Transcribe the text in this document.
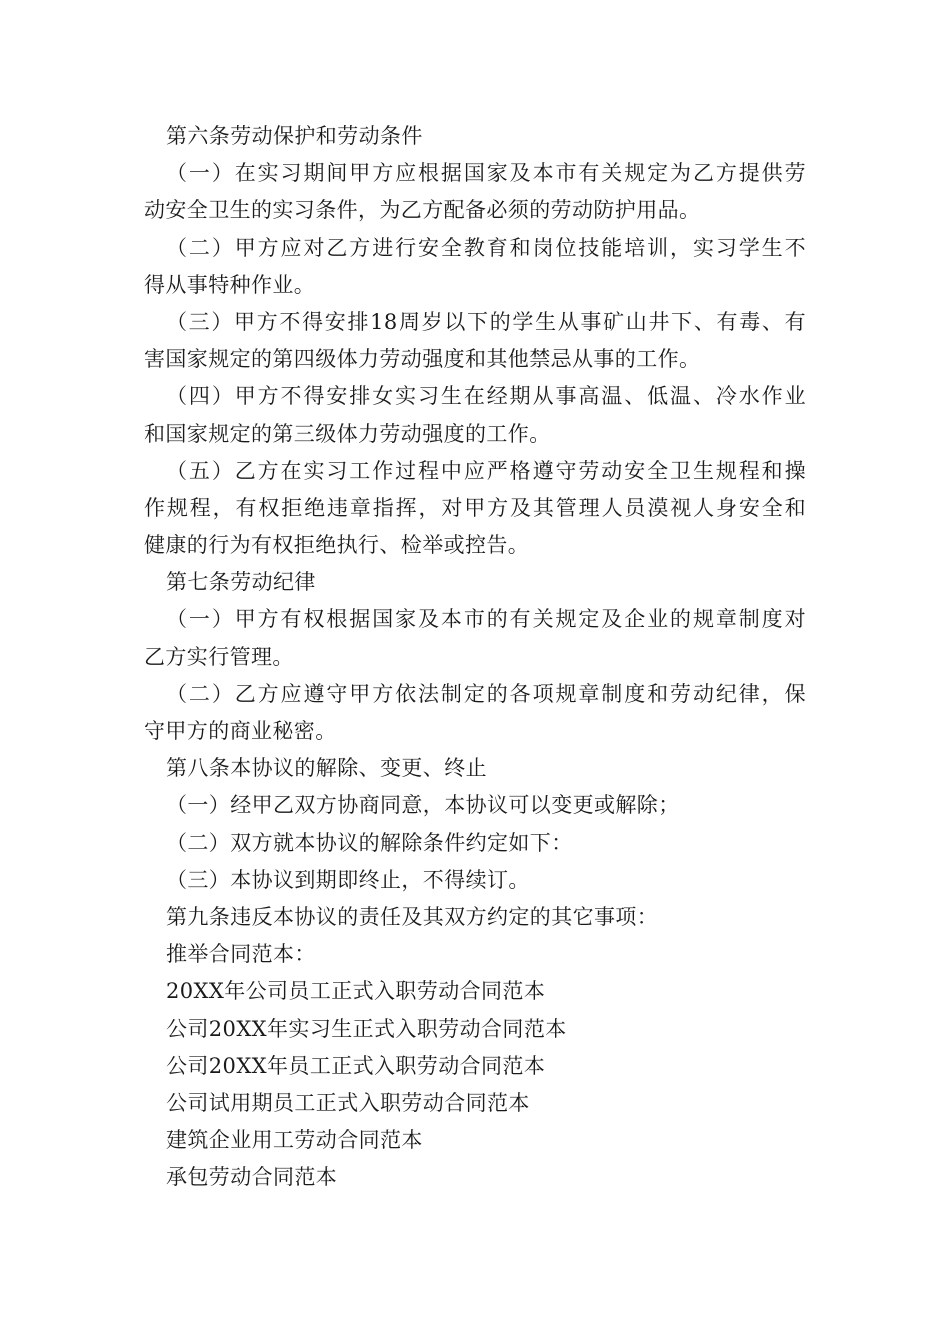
第六条劳动保护和劳动条件
（一）在实习期间甲方应根据国家及本市有关规定为乙方提供劳
动安全卫生的实习条件，为乙方配备必须的劳动防护用品。
（二）甲方应对乙方进行安全教育和岗位技能培训，实习学生不
得从事特种作业。
（三）甲方不得安排18周岁以下的学生从事矿山井下、有毒、有
害国家规定的第四级体力劳动强度和其他禁忌从事的工作。
（四）甲方不得安排女实习生在经期从事高温、低温、冷水作业
和国家规定的第三级体力劳动强度的工作。
（五）乙方在实习工作过程中应严格遵守劳动安全卫生规程和操
作规程，有权拒绝违章指挥，对甲方及其管理人员漠视人身安全和
健康的行为有权拒绝执行、检举或控告。
第七条劳动纪律
（一）甲方有权根据国家及本市的有关规定及企业的规章制度对
乙方实行管理。
（二）乙方应遵守甲方依法制定的各项规章制度和劳动纪律，保
守甲方的商业秘密。
第八条本协议的解除、变更、终止
（一）经甲乙双方协商同意，本协议可以变更或解除；
（二）双方就本协议的解除条件约定如下：
（三）本协议到期即终止，不得续订。
第九条违反本协议的责任及其双方约定的其它事项：
推举合同范本：
20XX年公司员工正式入职劳动合同范本
公司20XX年实习生正式入职劳动合同范本
公司20XX年员工正式入职劳动合同范本
公司试用期员工正式入职劳动合同范本
建筑企业用工劳动合同范本
承包劳动合同范本
